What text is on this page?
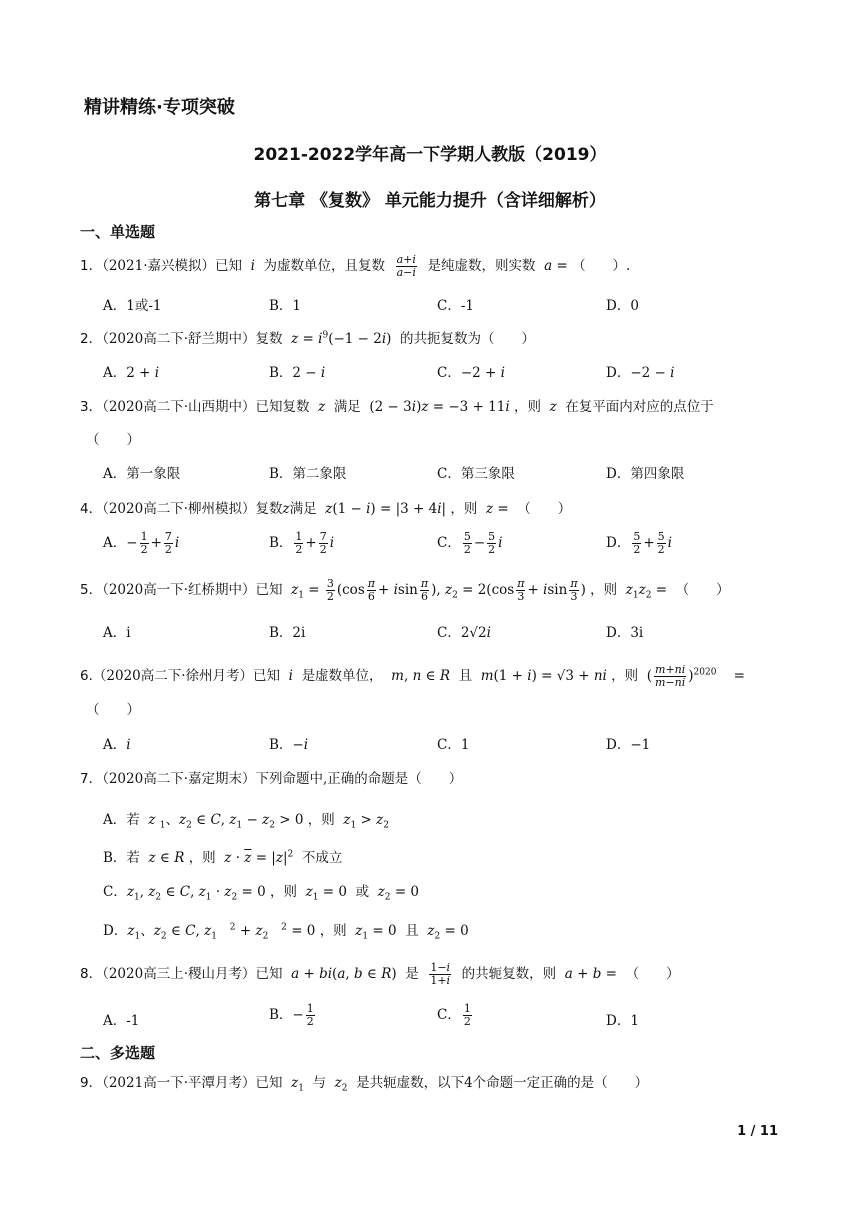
精讲精练·专项突破
2021-2022学年高一下学期人教版（2019）
第七章 《复数》 单元能力提升（含详细解析）
一、单选题
1．（2021·嘉兴模拟）已知 i 为虚数单位，且复数 $\frac{a+i}{a-i}$ 是纯虚数，则实数 a = （　　）.
A．1或-1	B．1	C．-1	D．0
2．（2020高二下·舒兰期中）复数 $z = i^9(-1 - 2i)$  的共扼复数为（　　）
A．2 + i	B．2 − i	C．−2 + i	D．−2 − i
3．（2020高二下·山西期中）已知复数 z 满足  (2 − 3i)z = −3 + 11i ，则 z 在复平面内对应的点位于
（　　）
A．第一象限	B．第二象限	C．第三象限	D．第四象限
4．（2020高二下·柳州模拟）复数z满足 z(1 − i) = |3 + 4i| ，则 z =  （　　）
A．− $\frac{1}{2} + \frac{7}{2}$ i	B． $\frac{1}{2} + \frac{7}{2}$ i	C． $\frac{5}{2} - \frac{5}{2}$ i	D． $\frac{5}{2} + \frac{5}{2}$ i
5．（2020高一下·红桥期中）已知 $z_1 = \frac{3}{2} (\cos \frac{\pi}{6} + isin \frac{\pi}{6}$ ), $z_2 = 2(\cos \frac{\pi}{3} + isin \frac{\pi}{3}$ ) ，则 $z_1z_2$ =  （　　）
A．i	B．2i	C．2√2i	D．3i
6.（2020高二下·徐州月考）已知 i 是虚数单位， m, n ∈ R 且 m(1 + i) = √3 + ni ，则  ( $\frac{m+ni}{m-ni} )^{2020}$    =
（　　）
A．i	B．−i	C．1	D．−1
7．（2020高二下·嘉定期末）下列命题中,正确的命题是（　　）
A．若 z $_1$、$z_2$ ∈ C, $z_1 - z_2 > 0$ ，则 $z_1 > z_2$
B．若 z ∈ R ，则 $z \cdot \overline{z} = |z|^2$ 不成立
C．$z_1$, $z_2$ ∈ C, $z_1 \cdot z_2 = 0$ ，则 $z_1 = 0$  或 $z_2 = 0$
D．$z_1$、$z_2$ ∈ C, $z_1$   $^2 + z_2$   $^2$ = 0 ，则 $z_1 = 0$  且 $z_2 = 0$
8．（2020高三上·稷山月考）已知 a + bi(a, b ∈ R)  是 $\frac{1-i}{1+i}$ 的共轭复数，则 a + b =  （　　）
A．-1	B．− $\frac{1}{2}$	C． $\frac{1}{2}$	D．1
二、多选题
9．（2021高一下·平潭月考）已知 $z_1$ 与 $z_2$ 是共轭虚数，以下4个命题一定正确的是（　　）
1 / 11
